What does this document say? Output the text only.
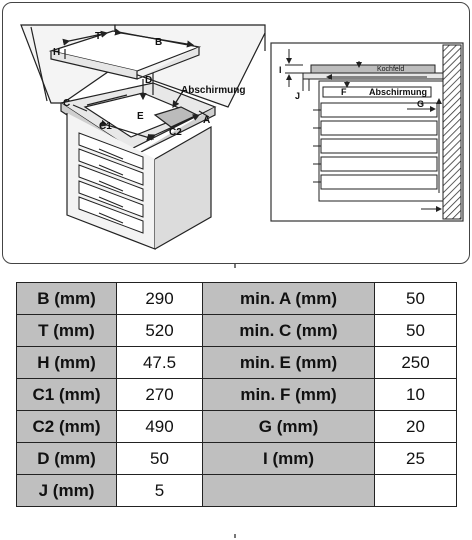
T
B
H
D
Abschirmung
C
E
C1
C2
A
I
J	F
Kochfeld
Abschirmung
G
B (mm)	290	min. A (mm)	50
T (mm)	520	min. C (mm)	50
H (mm)	47.5	min. E (mm)	250
C1 (mm)	270	min. F (mm)	10
C2 (mm)	490	G (mm)	20
D (mm)	50	I (mm)	25
J (mm)	5		
